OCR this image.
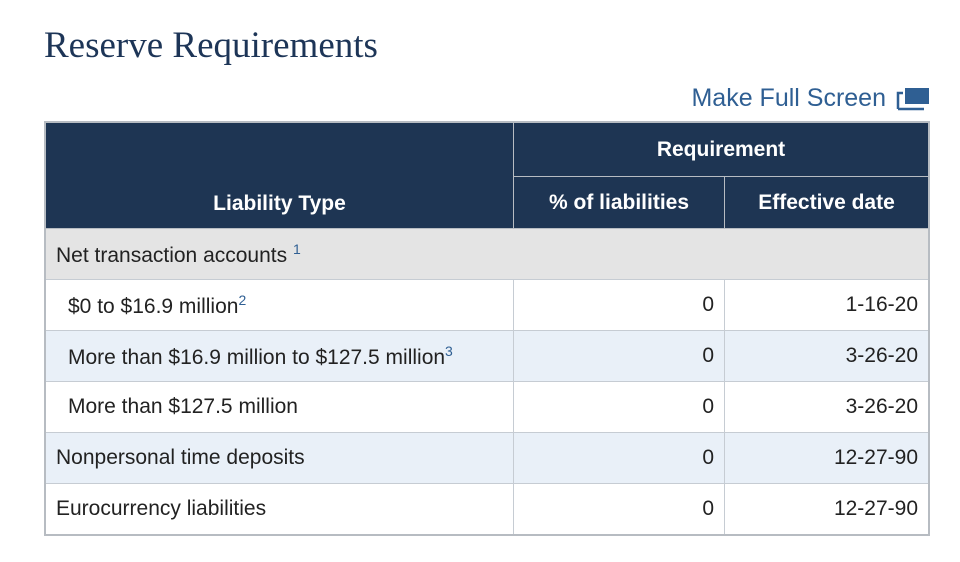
Reserve Requirements
Make Full Screen
Liability Type	Requirement	
	% of liabilities	Effective date
Net transaction accounts $^1$
$0 to $16.9 million$^2$	0	1-16-20
More than $16.9 million to $127.5 million$^3$	0	3-26-20
More than $127.5 million	0	3-26-20
Nonpersonal time deposits	0	12-27-90
Eurocurrency liabilities	0	12-27-90
